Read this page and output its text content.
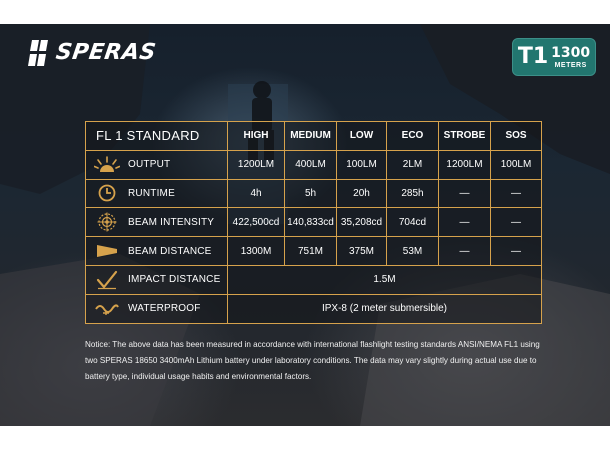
SPERAS	T1 1300
METERS
FL 1 STANDARD	HIGH	MEDIUM	LOW	ECO	STROBE	SOS

OUTPUT	1200LM	400LM	100LM	2LM	1200LM	100LM

RUNTIME	4h	5h	20h	285h	—	—

BEAM INTENSITY	422,500cd	140,833cd	35,208cd	704cd	—	—

BEAM DISTANCE	1300M	751M	375M	53M	—	—

IMPACT DISTANCE	1.5M					

WATERPROOF	IPX-8 (2 meter submersible)					
Notice: The above data has been measured in accordance with international flashlight testing standards ANSI/NEMA FL1 using two SPERAS 18650 3400mAh Lithium battery under laboratory conditions. The data may vary slightly during actual use due to battery type, individual usage habits and environmental factors.
